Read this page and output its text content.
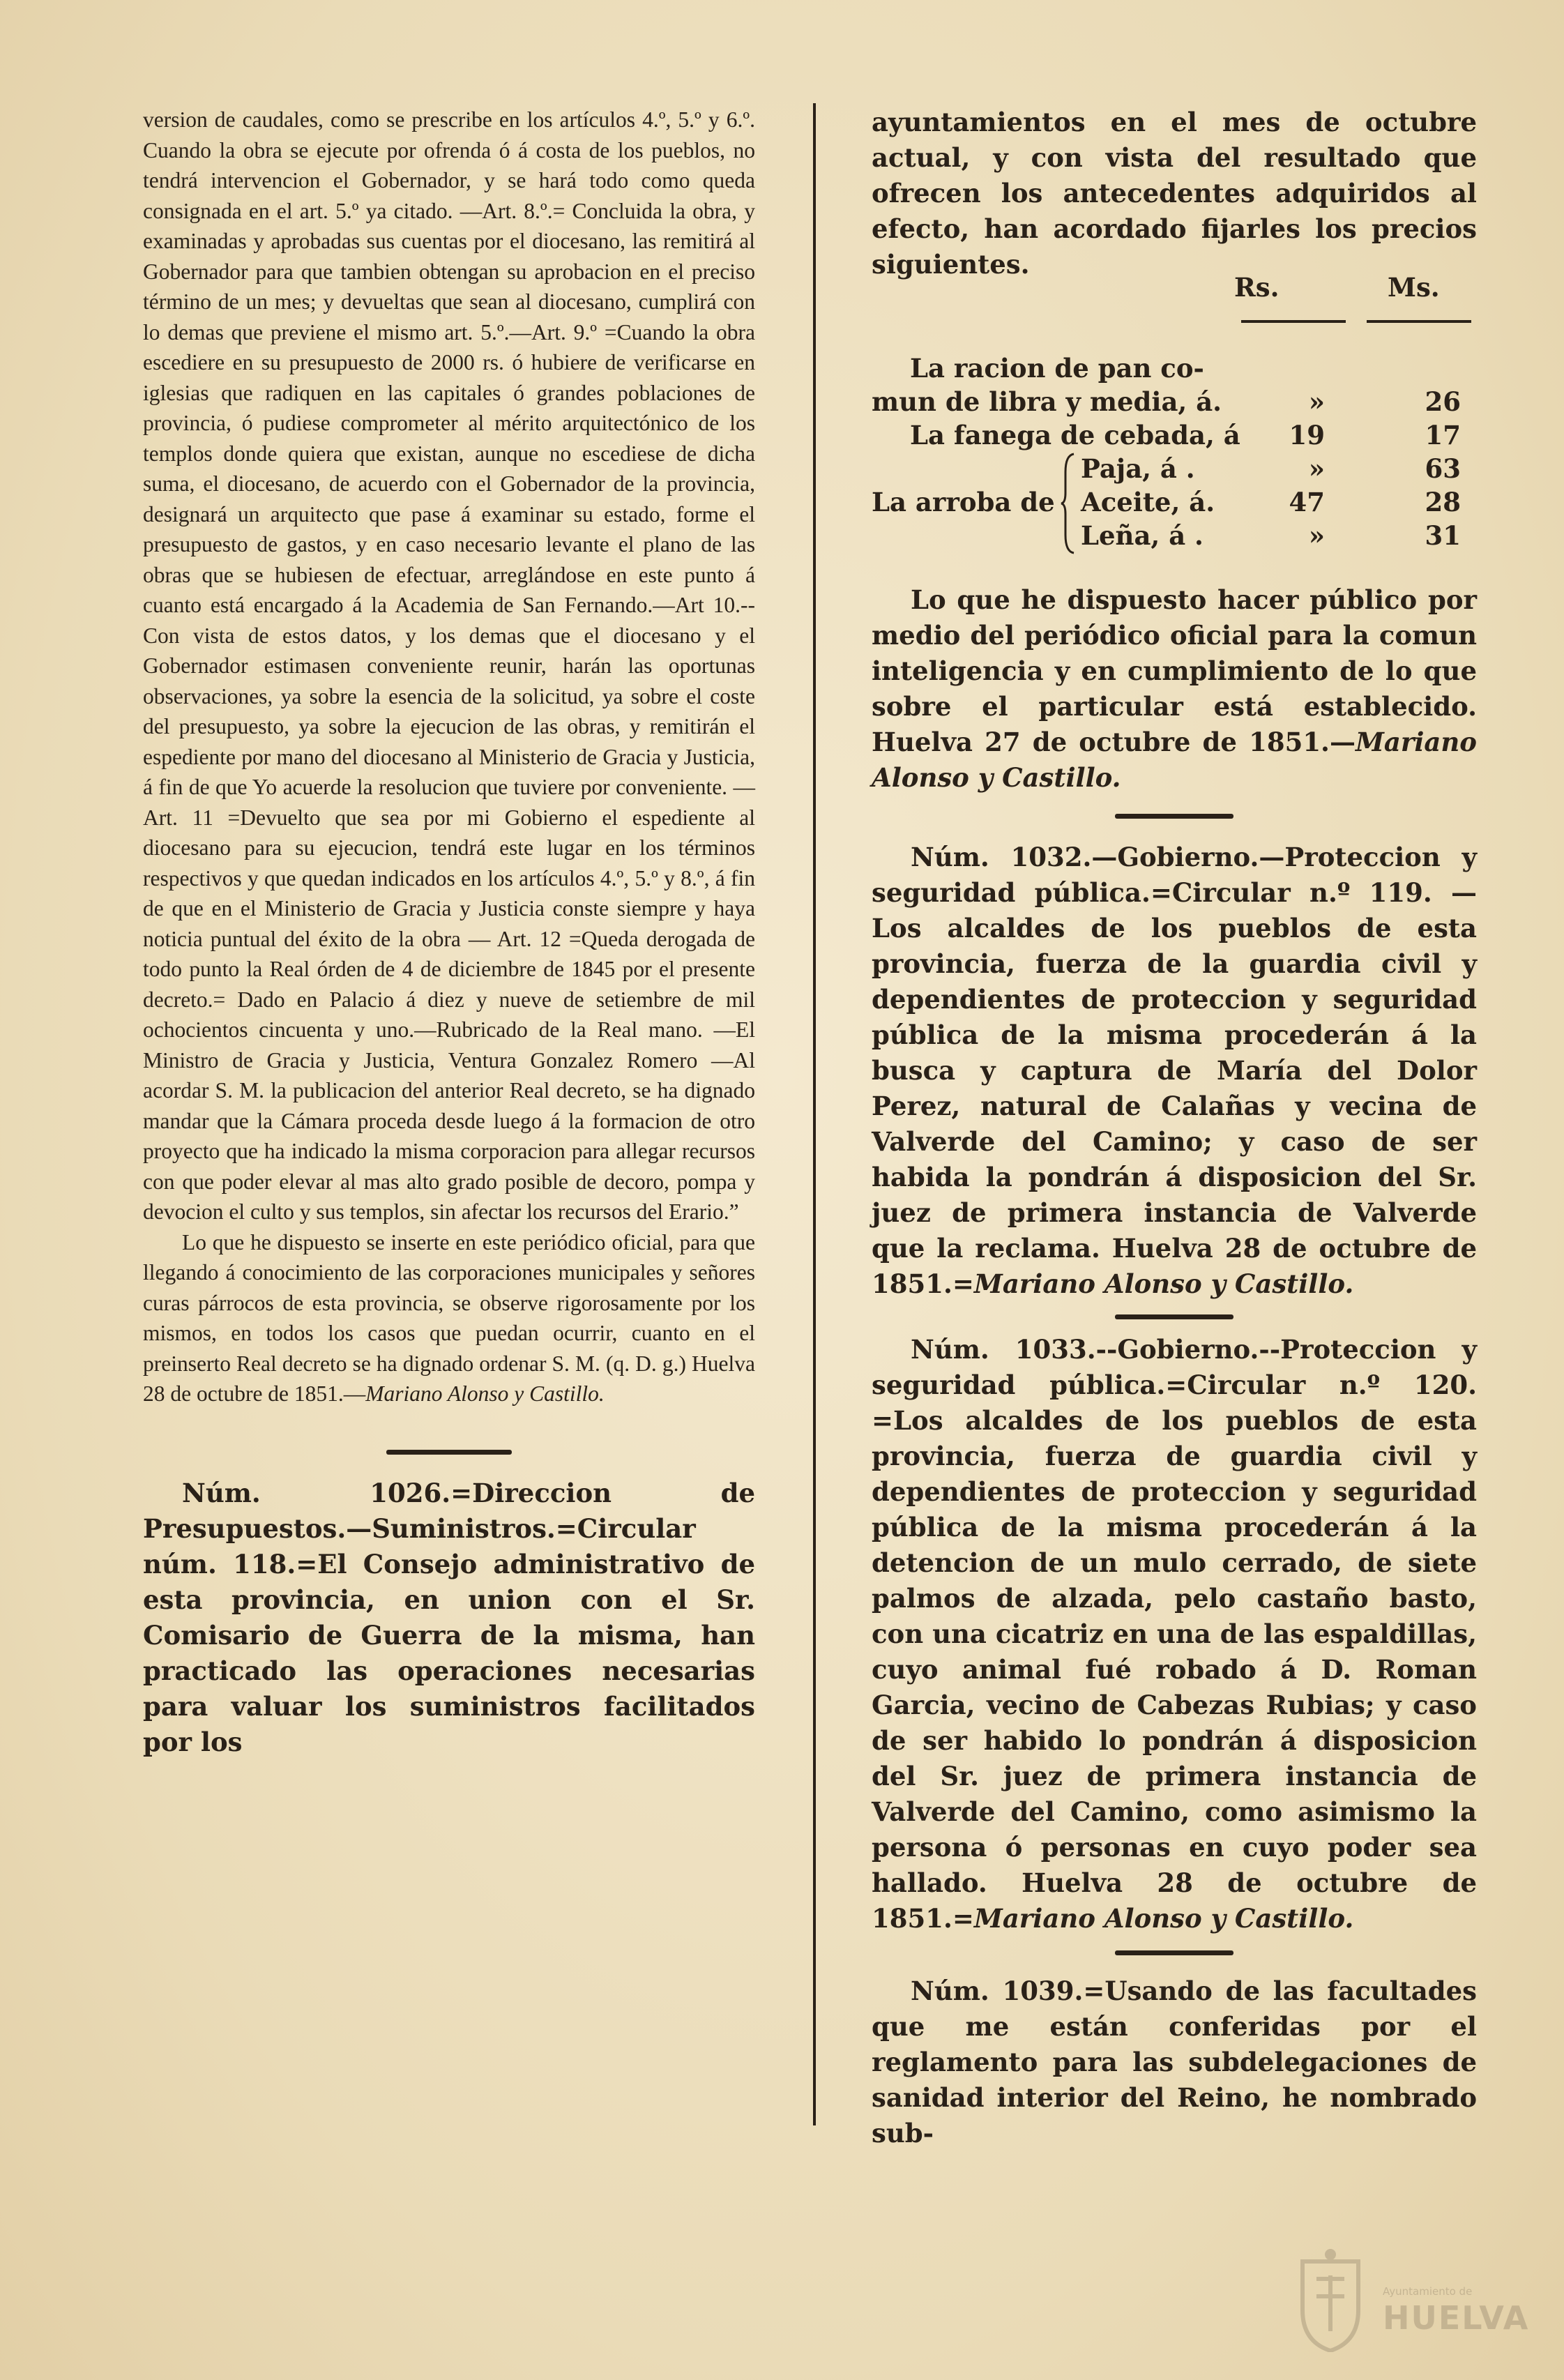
version de caudales, como se prescribe en los artículos 4.º, 5.º y 6.º. Cuando la obra se ejecute por ofrenda ó á costa de los pueblos, no tendrá intervencion el Gobernador, y se hará todo como queda consignada en el art. 5.º ya citado. —Art. 8.º.= Concluida la obra, y examinadas y aprobadas sus cuentas por el diocesano, las remitirá al Gobernador para que tambien obtengan su aprobacion en el preciso término de un mes; y devueltas que sean al diocesano, cumplirá con lo demas que previene el mismo art. 5.º.—Art. 9.º =Cuando la obra escediere en su presupuesto de 2000 rs. ó hubiere de verificarse en iglesias que radiquen en las capitales ó grandes poblaciones de provincia, ó pudiese comprometer al mérito arquitectónico de los templos donde quiera que existan, aunque no escediese de dicha suma, el diocesano, de acuerdo con el Gobernador de la provincia, designará un arquitecto que pase á examinar su estado, forme el presupuesto de gastos, y en caso necesario levante el plano de las obras que se hubiesen de efectuar, arreglándose en este punto á cuanto está encargado á la Academia de San Fernando.—Art 10.--Con vista de estos datos, y los demas que el diocesano y el Gobernador estimasen conveniente reunir, harán las oportunas observaciones, ya sobre la esencia de la solicitud, ya sobre el coste del presupuesto, ya sobre la ejecucion de las obras, y remitirán el espediente por mano del diocesano al Ministerio de Gracia y Justicia, á fin de que Yo acuerde la resolucion que tuviere por conveniente. —Art. 11 =Devuelto que sea por mi Gobierno el espediente al diocesano para su ejecucion, tendrá este lugar en los términos respectivos y que quedan indicados en los artículos 4.º, 5.º y 8.º, á fin de que en el Ministerio de Gracia y Justicia conste siempre y haya noticia puntual del éxito de la obra — Art. 12 =Queda derogada de todo punto la Real órden de 4 de diciembre de 1845 por el presente decreto.= Dado en Palacio á diez y nueve de setiembre de mil ochocientos cincuenta y uno.—Rubricado de la Real mano. —El Ministro de Gracia y Justicia, Ventura Gonzalez Romero —Al acordar S. M. la publicacion del anterior Real decreto, se ha dignado mandar que la Cámara proceda desde luego á la formacion de otro proyecto que ha indicado la misma corporacion para allegar recursos con que poder elevar al mas alto grado posible de decoro, pompa y devocion el culto y sus templos, sin afectar los recursos del Erario.”

Lo que he dispuesto se inserte en este periódico oficial, para que llegando á conocimiento de las corporaciones municipales y señores curas párrocos de esta provincia, se observe rigorosamente por los mismos, en todos los casos que puedan ocurrir, cuanto en el preinserto Real decreto se ha dignado ordenar S. M. (q. D. g.) Huelva 28 de octubre de 1851.—Mariano Alonso y Castillo.

Núm. 1026.=Direccion de Presupuestos.—Suministros.=Circular núm. 118.=El Consejo administrativo de esta provincia, en union con el Sr. Comisario de Guerra de la misma, han practicado las operaciones necesarias para valuar los suministros facilitados por los

ayuntamientos en el mes de octubre actual, y con vista del resultado que ofrecen los antecedentes adquiridos al efecto, han acordado fijarles los precios siguientes.

Rs.	Ms.
La racion de pan co-
mun de libra y media, á.	»	26
La fanega de cebada, á	19	17
La arroba de
Paja, á .	»	63
Aceite, á.	47	28
Leña, á .	»	31

Lo que he dispuesto hacer público por medio del periódico oficial para la comun inteligencia y en cumplimiento de lo que sobre el particular está establecido. Huelva 27 de octubre de 1851.—Mariano Alonso y Castillo.

Núm. 1032.—Gobierno.—Proteccion y seguridad pública.=Circular n.º 119. —Los alcaldes de los pueblos de esta provincia, fuerza de la guardia civil y dependientes de proteccion y seguridad pública de la misma procederán á la busca y captura de María del Dolor Perez, natural de Calañas y vecina de Valverde del Camino; y caso de ser habida la pondrán á disposicion del Sr. juez de primera instancia de Valverde que la reclama. Huelva 28 de octubre de 1851.=Mariano Alonso y Castillo.

Núm. 1033.--Gobierno.--Proteccion y seguridad pública.=Circular n.º 120. =Los alcaldes de los pueblos de esta provincia, fuerza de guardia civil y dependientes de proteccion y seguridad pública de la misma procederán á la detencion de un mulo cerrado, de siete palmos de alzada, pelo castaño basto, con una cicatriz en una de las espaldillas, cuyo animal fué robado á D. Roman Garcia, vecino de Cabezas Rubias; y caso de ser habido lo pondrán á disposicion del Sr. juez de primera instancia de Valverde del Camino, como asimismo la persona ó personas en cuyo poder sea hallado. Huelva 28 de octubre de 1851.=Mariano Alonso y Castillo.

Núm. 1039.=Usando de las facultades que me están conferidas por el reglamento para las subdelegaciones de sanidad interior del Reino, he nombrado sub-

Ayuntamiento de
HUELVA
